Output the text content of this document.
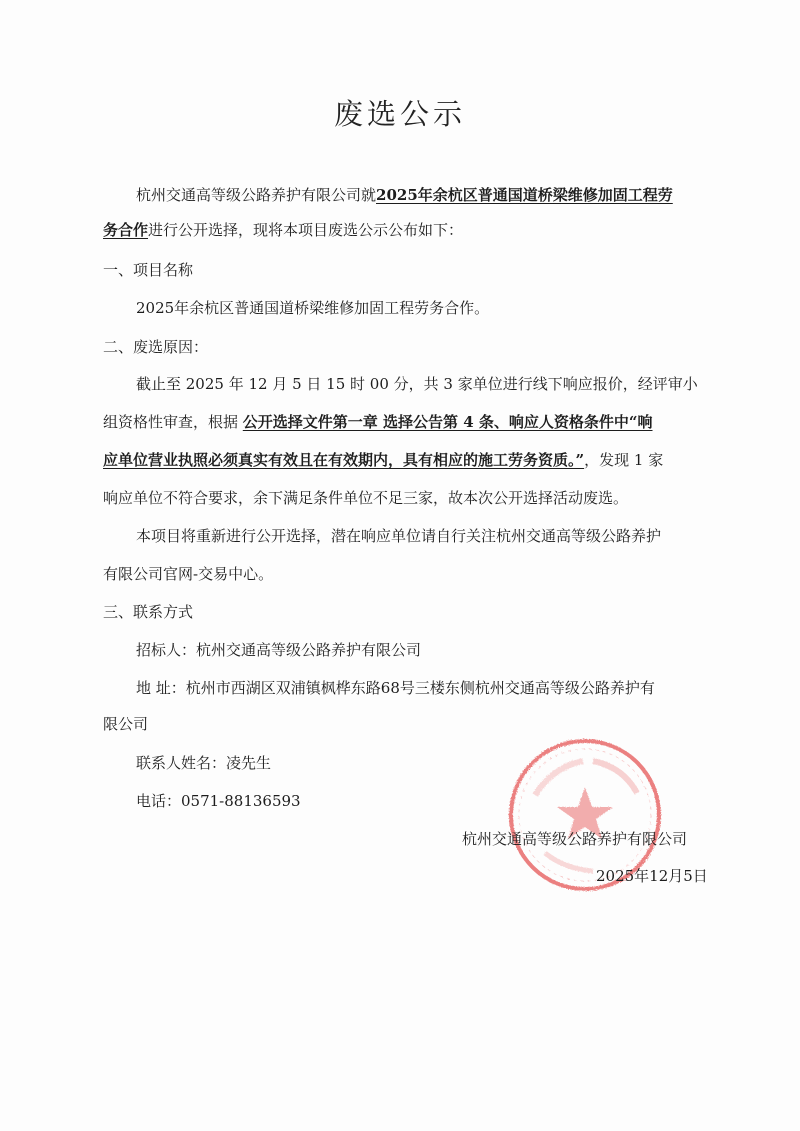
废选公示
杭州交通高等级公路养护有限公司就2025年余杭区普通国道桥梁维修加固工程劳
务合作进行公开选择，现将本项目废选公示公布如下：
一、项目名称
2025年余杭区普通国道桥梁维修加固工程劳务合作。
二、废选原因：
截止至 2025 年 12 月 5 日 15 时 00 分，共 3 家单位进行线下响应报价，经评审小
组资格性审查，根据 公开选择文件第一章 选择公告第 4 条、响应人资格条件中“响
应单位营业执照必须真实有效且在有效期内，具有相应的施工劳务资质。”，发现 1 家
响应单位不符合要求，余下满足条件单位不足三家，故本次公开选择活动废选。
本项目将重新进行公开选择，潜在响应单位请自行关注杭州交通高等级公路养护
有限公司官网-交易中心。
三、联系方式
招标人：杭州交通高等级公路养护有限公司
地 址：杭州市西湖区双浦镇枫桦东路68号三楼东侧杭州交通高等级公路养护有
限公司
联系人姓名：凌先生
电话：0571-88136593
杭州交通高等级公路养护有限公司
2025年12月5日
